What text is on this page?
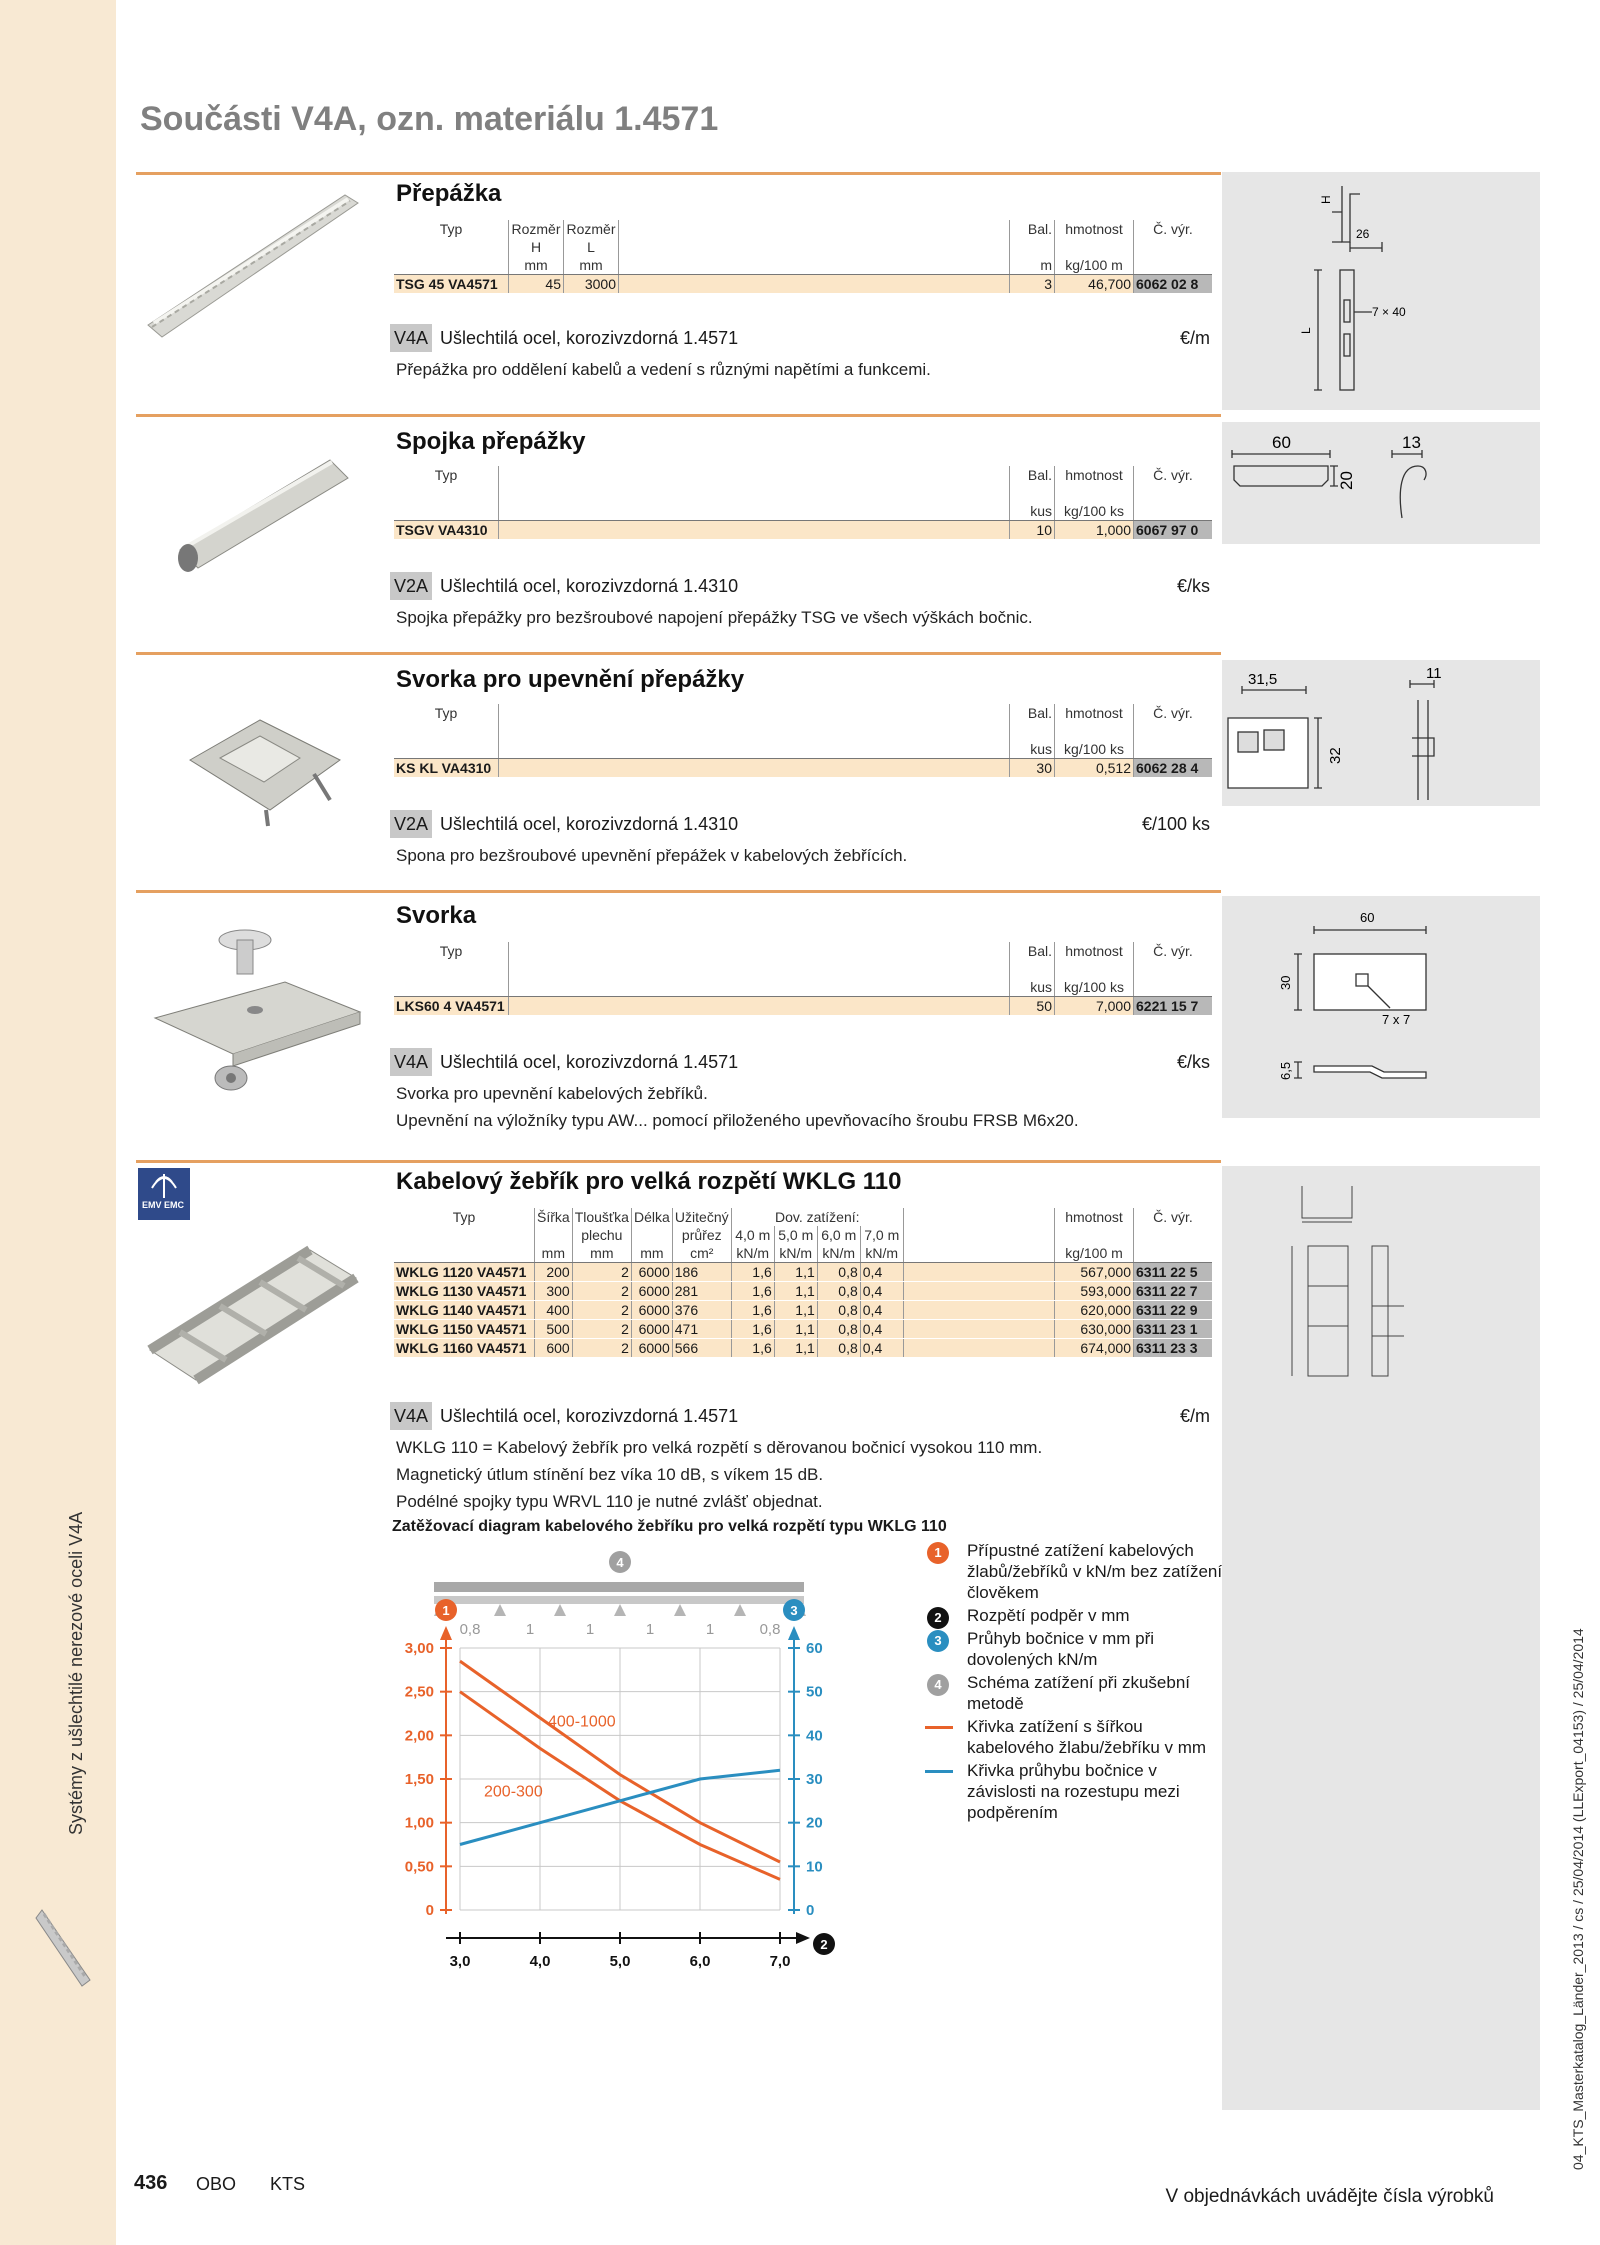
Systémy z ušlechtilé nerezové oceli V4A
Součásti V4A, ozn. materiálu 1.4571
Přepážka
Typ	Rozměr	Rozměr		Bal.	hmotnost	Č. výr.
	H	L				
	mm	mm		m	kg/100 m	
TSG 45 VA4571	45	3000		3	46,700	6062 02 8
V4A Ušlechtilá ocel, korozivzdorná 1.4571	€/m
Přepážka pro oddělení kabelů a vedení s různými napětími a funkcemi.
H
26
L
7 × 40
Spojka přepážky
Typ		Bal.	hmotnost	Č. výr.

		kus	kg/100 ks	
TSGV VA4310		10	1,000	6067 97 0
V2A Ušlechtilá ocel, korozivzdorná 1.4310	€/ks
Spojka přepážky pro bezšroubové napojení přepážky TSG ve všech výškách bočnic.
60	13
20
Svorka pro upevnění přepážky
Typ		Bal.	hmotnost	Č. výr.

		kus	kg/100 ks	
KS KL VA4310		30	0,512	6062 28 4
V2A Ušlechtilá ocel, korozivzdorná 1.4310	€/100 ks
Spona pro bezšroubové upevnění přepážek v kabelových žebřících.
31,5	11
32
Svorka
Typ		Bal.	hmotnost	Č. výr.

		kus	kg/100 ks	
LKS60 4 VA4571		50	7,000	6221 15 7
V4A Ušlechtilá ocel, korozivzdorná 1.4571	€/ks
Svorka pro upevnění kabelových žebříků.
Upevnění na výložníky typu AW... pomocí přiloženého upevňovacího šroubu FRSB M6x20.
60
30
7 x 7
6,5
EMV EMC
Kabelový žebřík pro velká rozpětí WKLG 110
Typ	Šířka	Tloušťka	Délka	Užitečný	Dov. zatížení:					hmotnost	Č. výr.
		plechu		průřez	4,0 m	5,0 m	6,0 m	7,0 m			
	mm	mm	mm	cm²	kN/m	kN/m	kN/m	kN/m		kg/100 m	
WKLG 1120 VA4571	200	2	6000	186	1,6	1,1	0,8	0,4		567,000	6311 22 5
WKLG 1130 VA4571	300	2	6000	281	1,6	1,1	0,8	0,4		593,000	6311 22 7
WKLG 1140 VA4571	400	2	6000	376	1,6	1,1	0,8	0,4		620,000	6311 22 9
WKLG 1150 VA4571	500	2	6000	471	1,6	1,1	0,8	0,4		630,000	6311 23 1
WKLG 1160 VA4571	600	2	6000	566	1,6	1,1	0,8	0,4		674,000	6311 23 3
V4A Ušlechtilá ocel, korozivzdorná 1.4571	€/m
WKLG 110 = Kabelový žebřík pro velká rozpětí s děrovanou bočnicí vysokou 110 mm.
Magnetický útlum stínění bez víka 10 dB, s víkem 15 dB.
Podélné spojky typu WRVL 110 je nutné zvlášť objednat.
Zatěžovací diagram kabelového žebříku pro velká rozpětí typu WKLG 110
0,8	1	1	1	1	0,8
4
1	3
2
0
0,50
1,00
1,50
2,00
2,50
3,00
0
10
20
30
40
50
60
3,0	4,0	5,0	6,0	7,0
400-1000
200-300
1	Přípustné zatížení kabelových žlabů/žebříků v kN/m bez zatížení člověkem
2	Rozpětí podpěr v mm
3	Průhyb bočnice v mm při dovolených kN/m
4	Schéma zatížení při zkušební metodě
Křivka zatížení s šířkou kabelového žlabu/žebříku v mm
Křivka průhybu bočnice v závislosti na rozestupu mezi podpěrením
436 OBO KTS
V objednávkách uvádějte čísla výrobků
04_KTS_Masterkatalog_Länder_2013 / cs / 25/04/2014 (LLExport_04153) / 25/04/2014
